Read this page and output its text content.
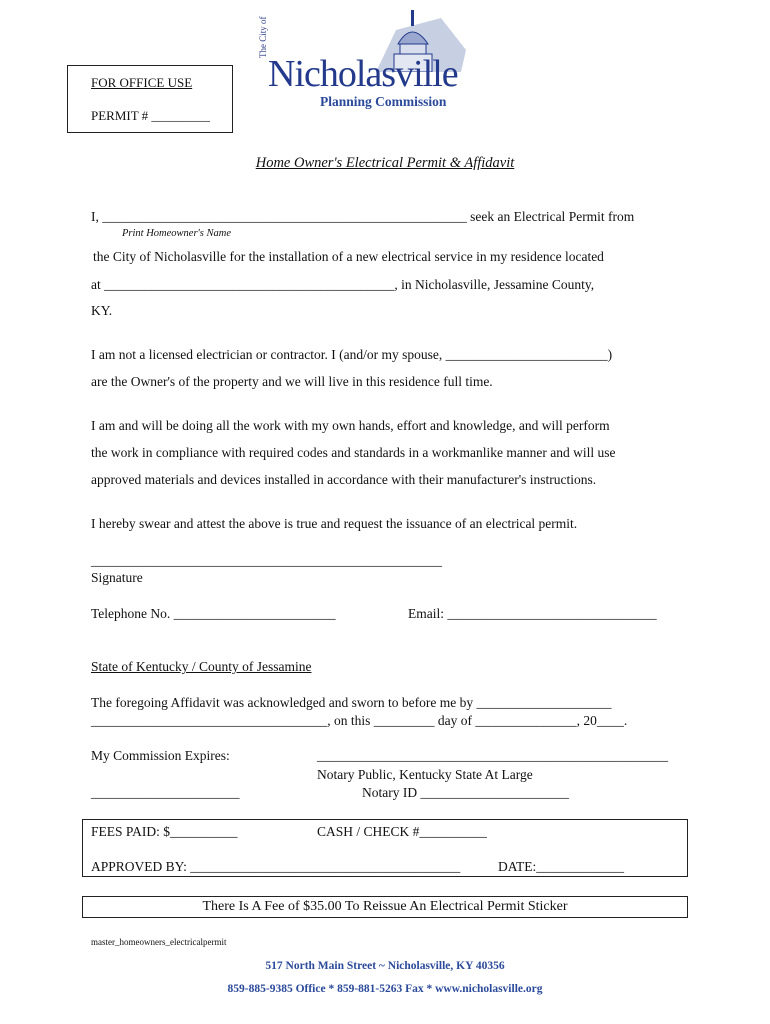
FOR OFFICE USE
PERMIT # _________
The City of
Nicholasville
Planning Commission
Home Owner's Electrical Permit & Affidavit
I, ______________________________________________________ seek an Electrical Permit from
Print Homeowner's Name
the City of Nicholasville for the installation of a new electrical service in my residence located
at ___________________________________________, in Nicholasville, Jessamine County,
KY.
I am not a licensed electrician or contractor. I (and/or my spouse, ________________________)
are the Owner's of the property and we will live in this residence full time.
I am and will be doing all the work with my own hands, effort and knowledge, and will perform
the work in compliance with required codes and standards in a workmanlike manner and will use
approved materials and devices installed in accordance with their manufacturer's instructions.
I hereby swear and attest the above is true and request the issuance of an electrical permit.
____________________________________________________
Signature
Telephone No. ________________________	Email: _______________________________
State of Kentucky / County of Jessamine
The foregoing Affidavit was acknowledged and sworn to before me by ____________________
___________________________________, on this _________ day of _______________, 20____.
My Commission Expires:	____________________________________________________
Notary Public, Kentucky State At Large
______________________	Notary ID ______________________
FEES PAID: $__________	CASH / CHECK #__________
APPROVED BY: ________________________________________	DATE:_____________
There Is A Fee of $35.00 To Reissue An Electrical Permit Sticker
master_homeowners_electricalpermit
517 North Main Street ~ Nicholasville, KY 40356
859-885-9385 Office * 859-881-5263 Fax * www.nicholasville.org
